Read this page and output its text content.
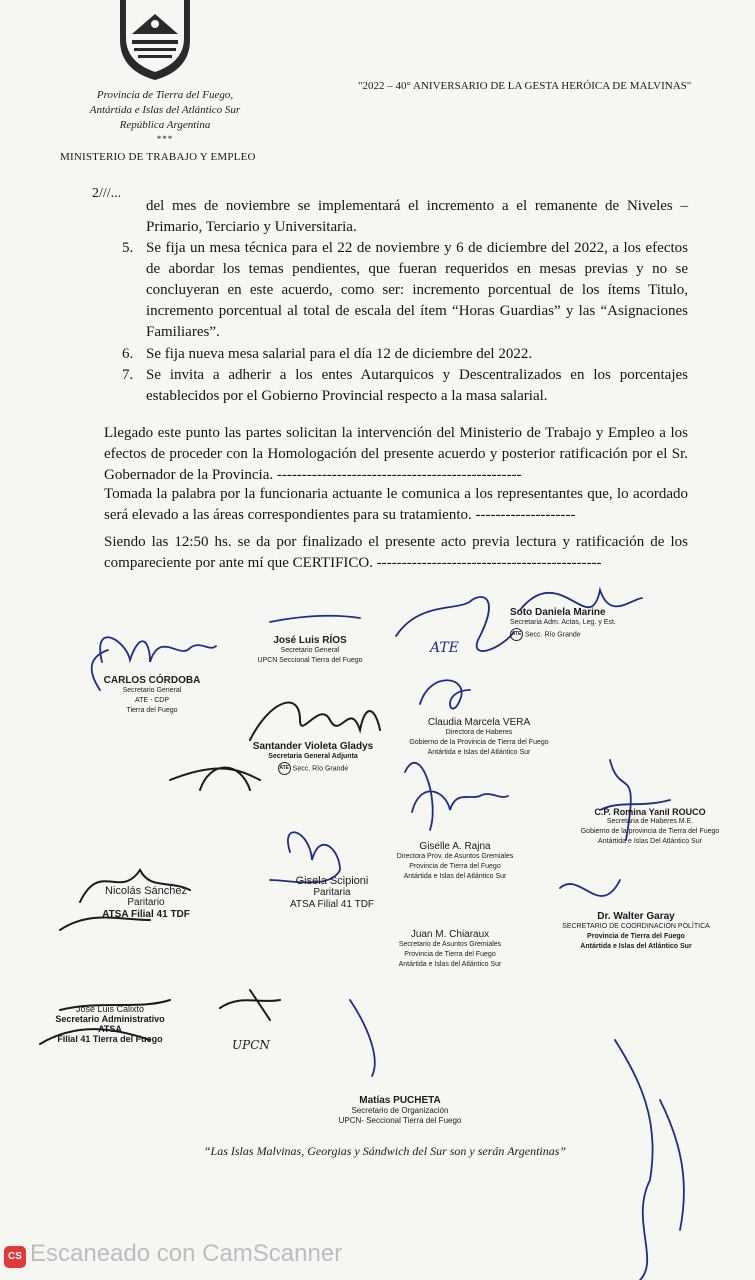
Provincia de Tierra del Fuego,
Antártida e Islas del Atlántico Sur
República Argentina
***
MINISTERIO DE TRABAJO Y EMPLEO
"2022 – 40° ANIVERSARIO DE LA GESTA HERÓICA DE MALVINAS"
2///...
del mes de noviembre se implementará el incremento a el remanente de Niveles – Primario, Terciario y Universitaria.
5. Se fija un mesa técnica para el 22 de noviembre y 6 de diciembre del 2022, a los efectos de abordar los temas pendientes, que fueran requeridos en mesas previas y no se concluyeran en este acuerdo, como ser: incremento porcentual de los ítems Titulo, incremento porcentual al total de escala del ítem “Horas Guardias” y las “Asignaciones Familiares”.
6. Se fija nueva mesa salarial para el día 12 de diciembre del 2022.
7. Se invita a adherir a los entes Autarquicos y Descentralizados en los porcentajes establecidos por el Gobierno Provincial respecto a la masa salarial.
Llegado este punto las partes solicitan la intervención del Ministerio de Trabajo y Empleo a los efectos de proceder con la Homologación del presente acuerdo y posterior ratificación por el Sr. Gobernador de la Provincia. -------------------------------------------------
Tomada la palabra por la funcionaria actuante le comunica a los representantes que, lo acordado será elevado a las áreas correspondientes para su tratamiento. --------------------
Siendo las 12:50 hs. se da por finalizado el presente acto previa lectura y ratificación de los compareciente por ante mí que CERTIFICO. ---------------------------------------------
José Luis RÍOS
Secretario General
UPCN Seccional Tierra del Fuego
ATE
Soto Daniela Marine
Secretaria Adm. Actas, Leg. y Est.
ATE Secc. Río Grande
CARLOS CÓRDOBA
Secretario General
ATE - CDP
Tierra del Fuego
Santander Violeta Gladys
Secretaria General Adjunta
ATE Secc. Río Grande
Claudia Marcela VERA
Directora de Haberes
Gobierno de la Provincia de Tierra del Fuego
Antártida e Islas del Atlántico Sur
C.P. Romina Yanil ROUCO
Secretaria de Haberes M.E.
Gobierno de la provincia de Tierra del Fuego
Antártida e Islas Del Atlántico Sur
Giselle A. Rajna
Directora Prov. de Asuntos Gremiales
Provincia de Tierra del Fuego
Antártida e Islas del Atlántico Sur
Nicolás Sánchez
Paritario
ATSA Filial 41 TDF
Gisela Scipioni
Paritaria
ATSA Filial 41 TDF
Juan M. Chiaraux
Secretario de Asuntos Gremiales
Provincia de Tierra del Fuego
Antártida e Islas del Atlántico Sur
Dr. Walter Garay
SECRETARIO DE COORDINACIÓN POLÍTICA
Provincia de Tierra del Fuego
Antártida e Islas del Atlántico Sur
Jose Luis Calixto
Secretario Administrativo
ATSA
Filial 41 Tierra del Fuego	UPCN
Matías PUCHETA
Secretario de Organización
UPCN- Seccional Tierra del Fuego
“Las Islas Malvinas, Georgias y Sándwich del Sur son y serán Argentinas”
CS Escaneado con CamScanner
